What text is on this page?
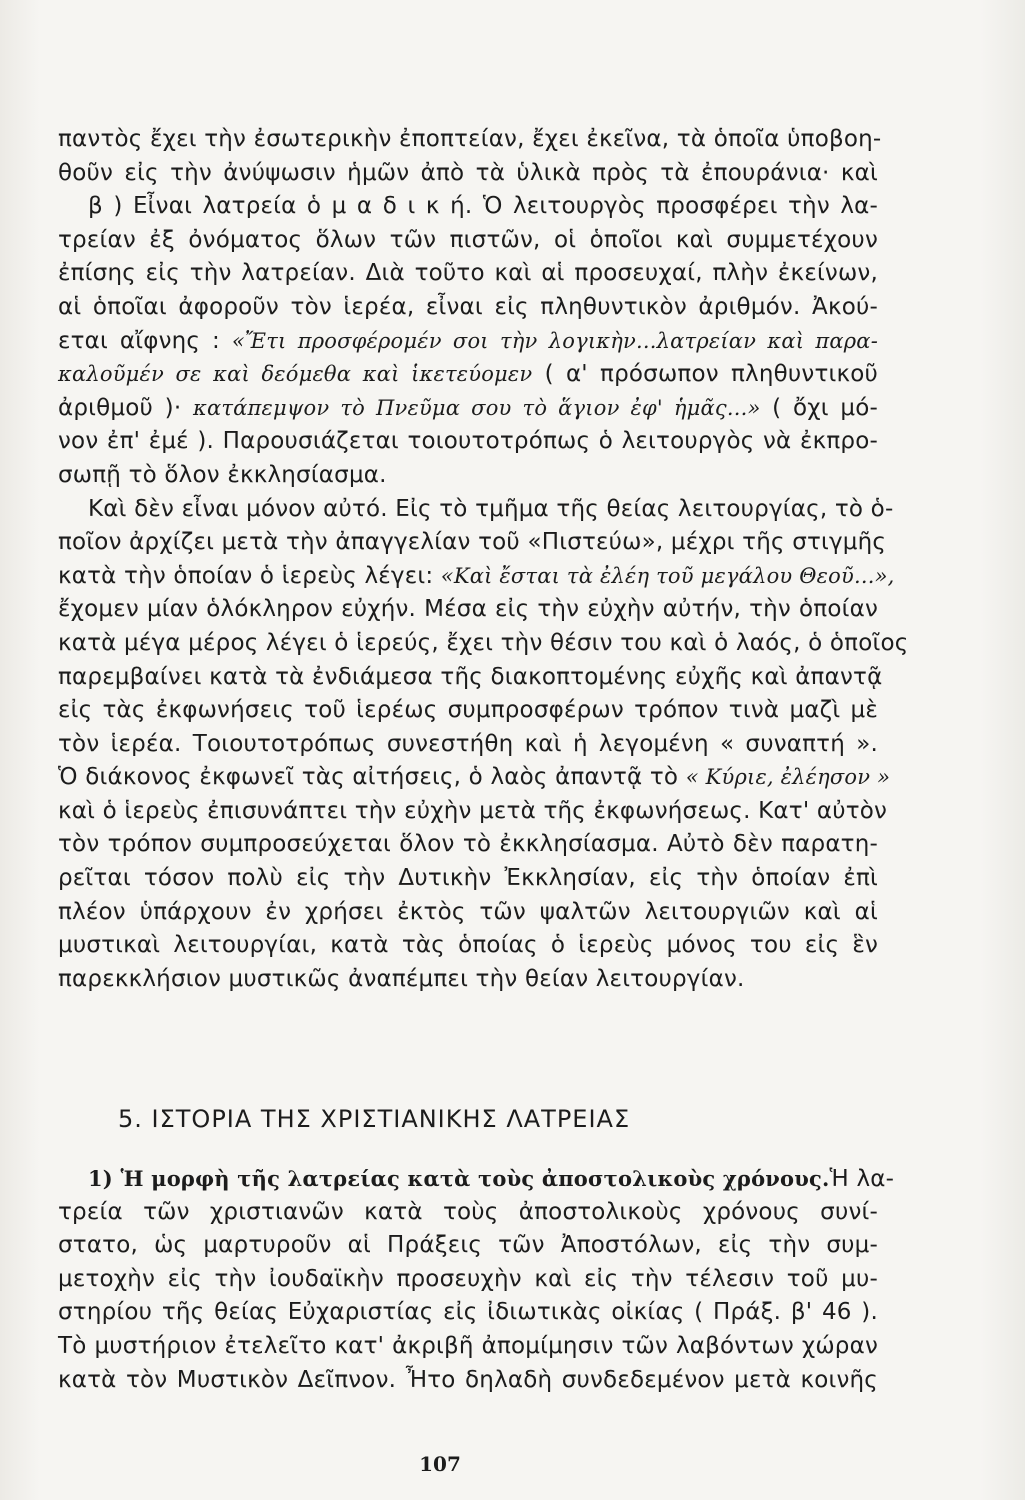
παντὸς ἔχει τὴν ἐσωτερικὴν ἐποπτείαν, ἔχει ἐκεῖνα, τὰ ὁποῖα ὑποβοη-
θοῦν εἰς τὴν ἀνύψωσιν ἡμῶν ἀπὸ τὰ ὑλικὰ πρὸς τὰ ἐπουράνια· καὶ
β ) Εἶναι λατρεία ὁ μ α δ ι κ ή. Ὁ λειτουργὸς προσφέρει τὴν λα-
τρείαν ἐξ ὀνόματος ὅλων τῶν πιστῶν, οἱ ὁποῖοι καὶ συμμετέχουν
ἐπίσης εἰς τὴν λατρείαν. Διὰ τοῦτο καὶ αἱ προσευχαί, πλὴν ἐκείνων,
αἱ ὁποῖαι ἀφοροῦν τὸν ἱερέα, εἶναι εἰς πληθυντικὸν ἀριθμόν. Ἀκού-
εται αἴφνης : «Ἔτι προσφέρομέν σοι τὴν λογικὴν...λατρείαν καὶ παρα-
καλοῦμέν σε καὶ δεόμεθα καὶ ἱκετεύομεν ( α' πρόσωπον πληθυντικοῦ
ἀριθμοῦ )· κατάπεμψον τὸ Πνεῦμα σου τὸ ἅγιον ἐφ' ἡμᾶς...» ( ὄχι μό-
νον ἐπ' ἐμέ ). Παρουσιάζεται τοιουτοτρόπως ὁ λειτουργὸς νὰ ἐκπρο-
σωπῇ τὸ ὅλον ἐκκλησίασμα.
Καὶ δὲν εἶναι μόνον αὐτό. Εἰς τὸ τμῆμα τῆς θείας λειτουργίας, τὸ ὁ-
ποῖον ἀρχίζει μετὰ τὴν ἀπαγγελίαν τοῦ «Πιστεύω», μέχρι τῆς στιγμῆς
κατὰ τὴν ὁποίαν ὁ ἱερεὺς λέγει: «Καὶ ἔσται τὰ ἐλέη τοῦ μεγάλου Θεοῦ...»,
ἔχομεν μίαν ὁλόκληρον εὐχήν. Μέσα εἰς τὴν εὐχὴν αὐτήν, τὴν ὁποίαν
κατὰ μέγα μέρος λέγει ὁ ἱερεύς, ἔχει τὴν θέσιν του καὶ ὁ λαός, ὁ ὁποῖος
παρεμβαίνει κατὰ τὰ ἐνδιάμεσα τῆς διακοπτομένης εὐχῆς καὶ ἀπαντᾷ
εἰς τὰς ἐκφωνήσεις τοῦ ἱερέως συμπροσφέρων τρόπον τινὰ μαζὶ μὲ
τὸν ἱερέα. Τοιουτοτρόπως συνεστήθη καὶ ἡ λεγομένη « συναπτή ».
Ὁ διάκονος ἐκφωνεῖ τὰς αἰτήσεις, ὁ λαὸς ἀπαντᾷ τὸ « Κύριε, ἐλέησον »
καὶ ὁ ἱερεὺς ἐπισυνάπτει τὴν εὐχὴν μετὰ τῆς ἐκφωνήσεως. Κατ' αὐτὸν
τὸν τρόπον συμπροσεύχεται ὅλον τὸ ἐκκλησίασμα. Αὐτὸ δὲν παρατη-
ρεῖται τόσον πολὺ εἰς τὴν Δυτικὴν Ἐκκλησίαν, εἰς τὴν ὁποίαν ἐπὶ
πλέον ὑπάρχουν ἐν χρήσει ἐκτὸς τῶν ψαλτῶν λειτουργιῶν καὶ αἱ
μυστικαὶ λειτουργίαι, κατὰ τὰς ὁποίας ὁ ἱερεὺς μόνος του εἰς ἓν
παρεκκλήσιον μυστικῶς ἀναπέμπει τὴν θείαν λειτουργίαν.
5. ΙΣΤΟΡΙΑ ΤΗΣ ΧΡΙΣΤΙΑΝΙΚΗΣ ΛΑΤΡΕΙΑΣ
1) Ἡ μορφὴ τῆς λατρείας κατὰ τοὺς ἀποστολικοὺς χρόνους.Ἡ λα-
τρεία τῶν χριστιανῶν κατὰ τοὺς ἀποστολικοὺς χρόνους συνί-
στατο, ὡς μαρτυροῦν αἱ Πράξεις τῶν Ἀποστόλων, εἰς τὴν συμ-
μετοχὴν εἰς τὴν ἰουδαϊκὴν προσευχὴν καὶ εἰς τὴν τέλεσιν τοῦ μυ-
στηρίου τῆς θείας Εὐχαριστίας εἰς ἰδιωτικὰς οἰκίας ( Πράξ. β' 46 ).
Τὸ μυστήριον ἐτελεῖτο κατ' ἀκριβῆ ἀπομίμησιν τῶν λαβόντων χώραν
κατὰ τὸν Μυστικὸν Δεῖπνον. Ἦτο δηλαδὴ συνδεδεμένον μετὰ κοινῆς
107
